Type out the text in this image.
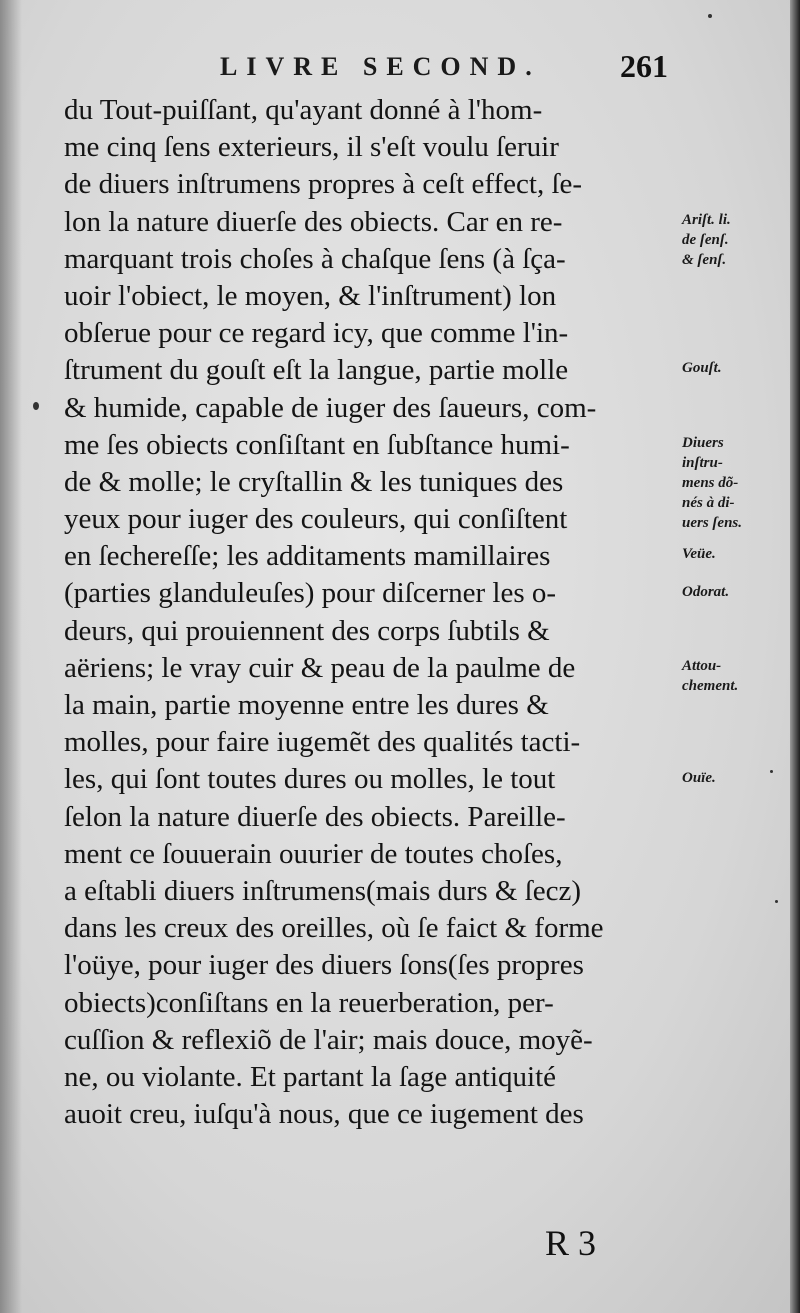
LIVRE SECOND. 261
du Tout-puiſſant, qu'ayant donné à l'hom-
me cinq ſens exterieurs, il s'eſt voulu ſeruir
de diuers inſtrumens propres à ceſt effect, ſe-
lon la nature diuerſe des obiects. Car en re-
marquant trois choſes à chaſque ſens (à ſça-
uoir l'obiect, le moyen, & l'inſtrument) lon
obſerue pour ce regard icy, que comme l'in-
ſtrument du gouſt eſt la langue, partie molle
& humide, capable de iuger des ſaueurs, com-
me ſes obiects conſiſtant en ſubſtance humi-
de & molle; le cryſtallin & les tuniques des
yeux pour iuger des couleurs, qui conſiſtent
en ſechereſſe; les additaments mamillaires
(parties glanduleuſes) pour diſcerner les o-
deurs, qui prouiennent des corps ſubtils &
aëriens; le vray cuir & peau de la paulme de
la main, partie moyenne entre les dures &
molles, pour faire iugemẽt des qualités tacti-
les, qui ſont toutes dures ou molles, le tout
ſelon la nature diuerſe des obiects. Pareille-
ment ce ſouuerain ouurier de toutes choſes,
a eſtabli diuers inſtrumens(mais durs & ſecz)
dans les creux des oreilles, où ſe faict & forme
l'oüye, pour iuger des diuers ſons(ſes propres
obiects)conſiſtans en la reuerberation, per-
cuſſion & reflexiõ de l'air; mais douce, moyẽ-
ne, ou violante. Et partant la ſage antiquité
auoit creu, iuſqu'à nous, que ce iugement des
Ariſt. li.
de ſenſ.
& ſenſ.
Gouſt.
Diuers
inſtru-
mens dõ-
nés à di-
uers ſens.
Veüe.
Odorat.
Attou-
chement.
Ouïe.
R 3
